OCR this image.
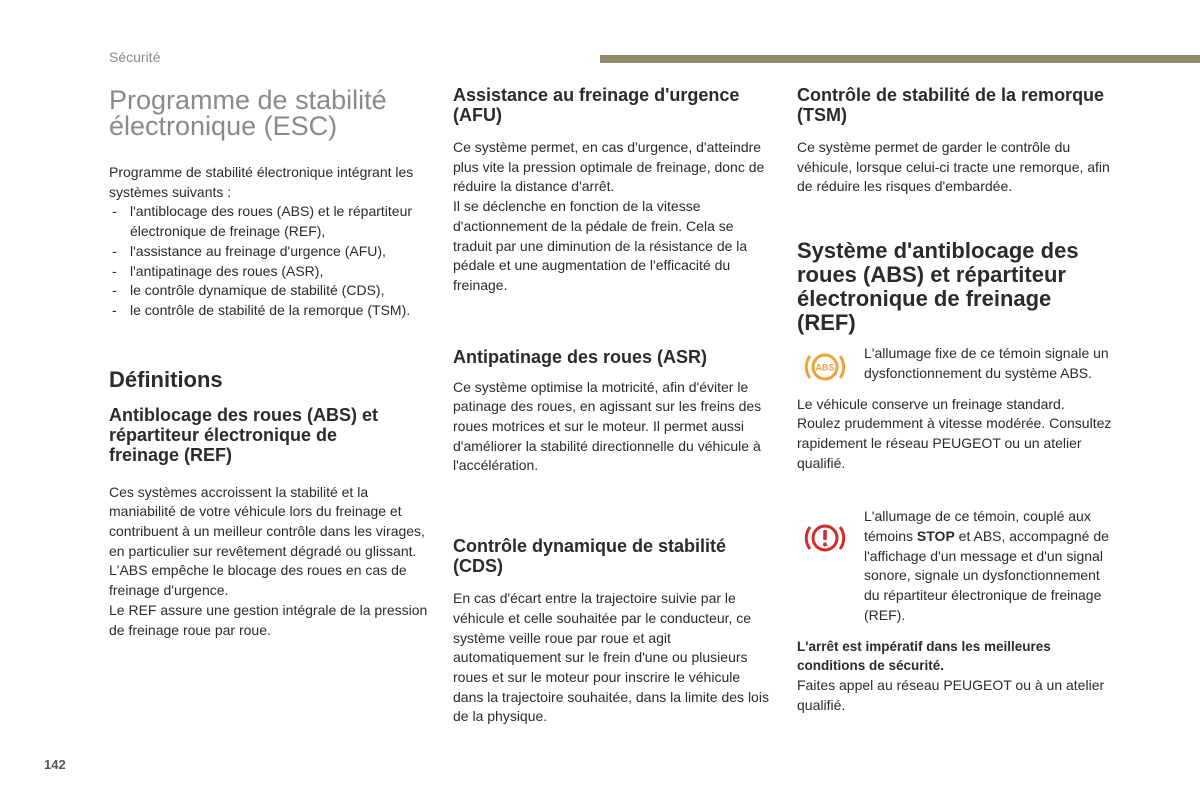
Sécurité
Programme de stabilité électronique (ESC)

Programme de stabilité électronique intégrant les systèmes suivants :

- l'antiblocage des roues (ABS) et le répartiteur électronique de freinage (REF),
- l'assistance au freinage d'urgence (AFU),
- l'antipatinage des roues (ASR),
- le contrôle dynamique de stabilité (CDS),
- le contrôle de stabilité de la remorque (TSM).
Définitions
Antiblocage des roues (ABS) et répartiteur électronique de freinage (REF)

Ces systèmes accroissent la stabilité et la maniabilité de votre véhicule lors du freinage et contribuent à un meilleur contrôle dans les virages, en particulier sur revêtement dégradé ou glissant.

L'ABS empêche le blocage des roues en cas de freinage d'urgence.

Le REF assure une gestion intégrale de la pression de freinage roue par roue.

Assistance au freinage d'urgence (AFU)

Ce système permet, en cas d'urgence, d'atteindre plus vite la pression optimale de freinage, donc de réduire la distance d'arrêt.

Il se déclenche en fonction de la vitesse d'actionnement de la pédale de frein. Cela se traduit par une diminution de la résistance de la pédale et une augmentation de l'efficacité du freinage.

Antipatinage des roues (ASR)

Ce système optimise la motricité, afin d'éviter le patinage des roues, en agissant sur les freins des roues motrices et sur le moteur. Il permet aussi d'améliorer la stabilité directionnelle du véhicule à l'accélération.

Contrôle dynamique de stabilité (CDS)

En cas d'écart entre la trajectoire suivie par le véhicule et celle souhaitée par le conducteur, ce système veille roue par roue et agit automatiquement sur le frein d'une ou plusieurs roues et sur le moteur pour inscrire le véhicule dans la trajectoire souhaitée, dans la limite des lois de la physique.

Contrôle de stabilité de la remorque (TSM)

Ce système permet de garder le contrôle du véhicule, lorsque celui-ci tracte une remorque, afin de réduire les risques d'embardée.

Système d'antiblocage des roues (ABS) et répartiteur électronique de freinage (REF)
ABS

L'allumage fixe de ce témoin signale un dysfonctionnement du système ABS.

Le véhicule conserve un freinage standard. Roulez prudemment à vitesse modérée. Consultez rapidement le réseau PEUGEOT ou un atelier qualifié.

L'allumage de ce témoin, couplé aux témoins STOP et ABS, accompagné de l'affichage d'un message et d'un signal sonore, signale un dysfonctionnement du répartiteur électronique de freinage (REF).

L'arrêt est impératif dans les meilleures conditions de sécurité.

Faites appel au réseau PEUGEOT ou à un atelier qualifié.

142
